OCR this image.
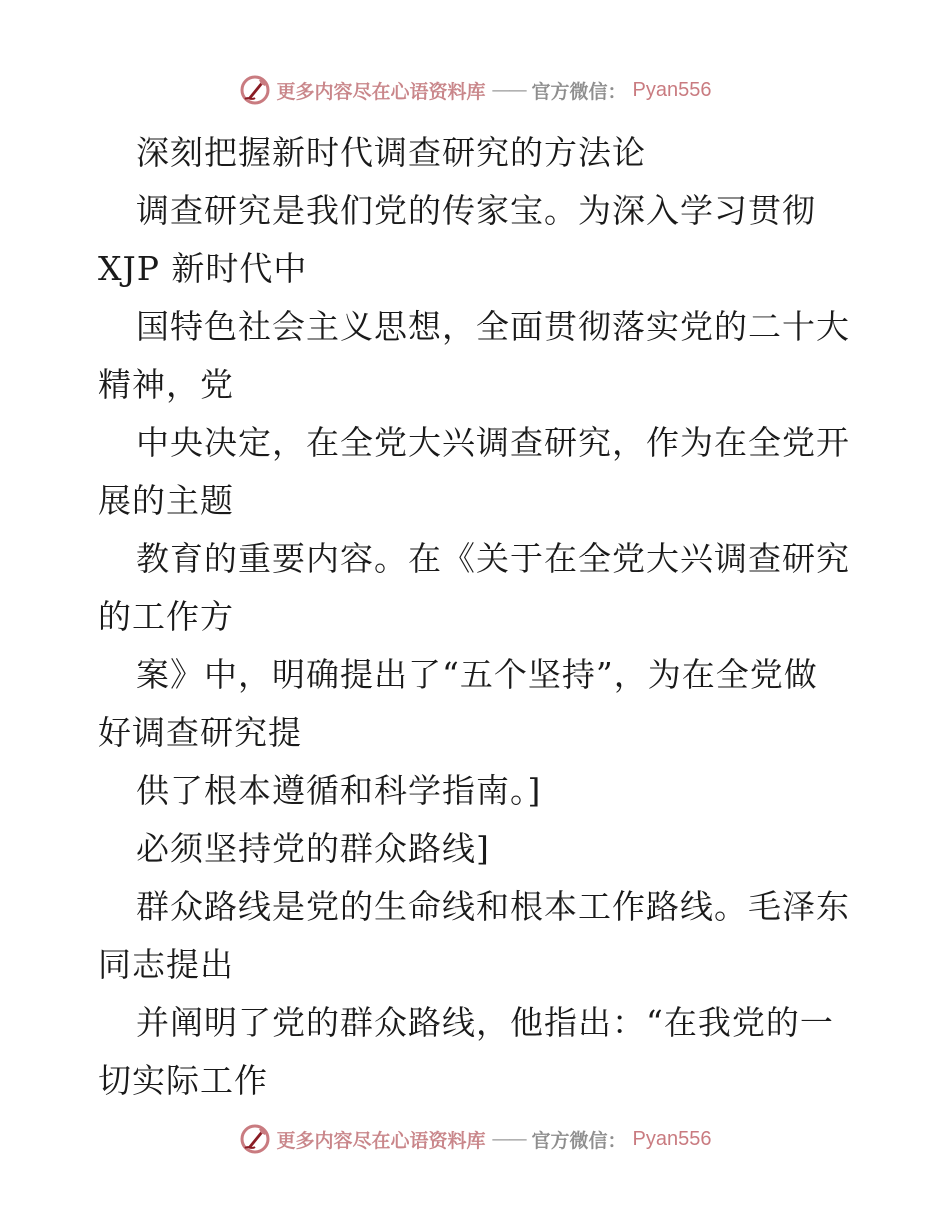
更多内容尽在心语资料库 —— 官方微信： Pyan556
深刻把握新时代调查研究的方法论
调查研究是我们党的传家宝。为深入学习贯彻
XJP 新时代中
国特色社会主义思想，全面贯彻落实党的二十大
精神，党
中央决定，在全党大兴调查研究，作为在全党开
展的主题
教育的重要内容。在《关于在全党大兴调查研究
的工作方
案》中，明确提出了“五个坚持”，为在全党做
好调查研究提
供了根本遵循和科学指南。]
必须坚持党的群众路线]
群众路线是党的生命线和根本工作路线。毛泽东
同志提出
并阐明了党的群众路线，他指出：“在我党的一
切实际工作
更多内容尽在心语资料库 —— 官方微信： Pyan556
